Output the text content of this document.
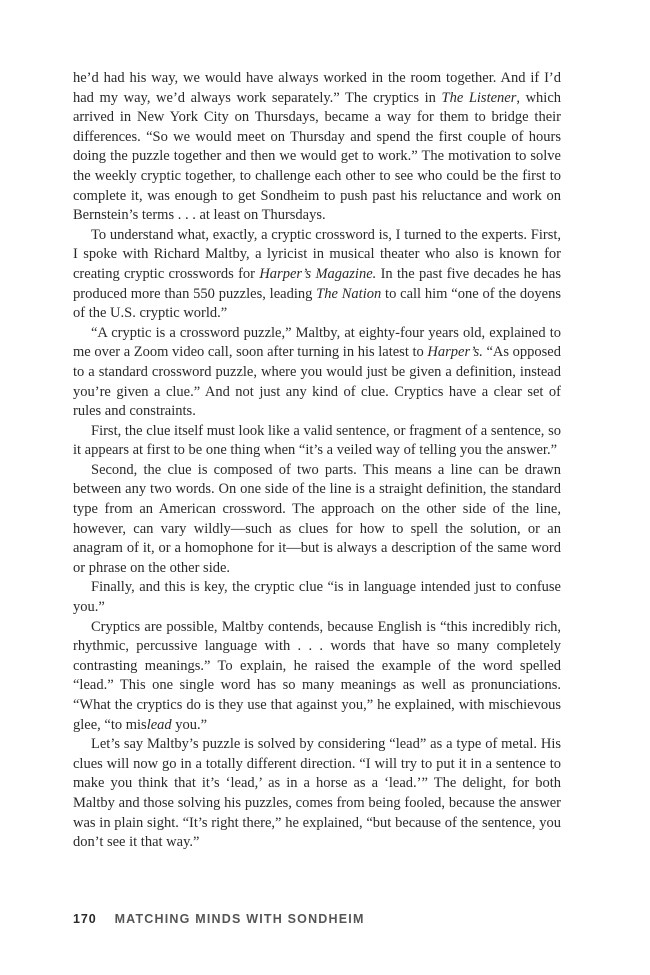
he’d had his way, we would have always worked in the room together. And if I’d had my way, we’d always work separately.” The cryptics in The Listener, which arrived in New York City on Thursdays, became a way for them to bridge their differences. “So we would meet on Thursday and spend the first couple of hours doing the puzzle together and then we would get to work.” The motivation to solve the weekly cryptic together, to challenge each other to see who could be the first to complete it, was enough to get Sondheim to push past his reluctance and work on Bernstein’s terms . . . at least on Thursdays.

To understand what, exactly, a cryptic crossword is, I turned to the experts. First, I spoke with Richard Maltby, a lyricist in musical theater who also is known for creating cryptic crosswords for Harper’s Magazine. In the past five decades he has produced more than 550 puzzles, leading The Nation to call him “one of the doyens of the U.S. cryptic world.”

“A cryptic is a crossword puzzle,” Maltby, at eighty-four years old, explained to me over a Zoom video call, soon after turning in his latest to Harper’s. “As opposed to a standard crossword puzzle, where you would just be given a definition, instead you’re given a clue.” And not just any kind of clue. Cryptics have a clear set of rules and constraints.

First, the clue itself must look like a valid sentence, or fragment of a sentence, so it appears at first to be one thing when “it’s a veiled way of telling you the answer.”

Second, the clue is composed of two parts. This means a line can be drawn between any two words. On one side of the line is a straight definition, the standard type from an American crossword. The approach on the other side of the line, however, can vary wildly—such as clues for how to spell the solution, or an anagram of it, or a homophone for it—but is always a description of the same word or phrase on the other side.

Finally, and this is key, the cryptic clue “is in language intended just to confuse you.”

Cryptics are possible, Maltby contends, because English is “this incredibly rich, rhythmic, percussive language with . . . words that have so many completely contrasting meanings.” To explain, he raised the example of the word spelled “lead.” This one single word has so many meanings as well as pronunciations. “What the cryptics do is they use that against you,” he explained, with mischievous glee, “to mislead you.”

Let’s say Maltby’s puzzle is solved by considering “lead” as a type of metal. His clues will now go in a totally different direction. “I will try to put it in a sentence to make you think that it’s ‘lead,’ as in a horse as a ‘lead.’” The delight, for both Maltby and those solving his puzzles, comes from being fooled, because the answer was in plain sight. “It’s right there,” he explained, “but because of the sentence, you don’t see it that way.”

170 MATCHING MINDS WITH SONDHEIM
